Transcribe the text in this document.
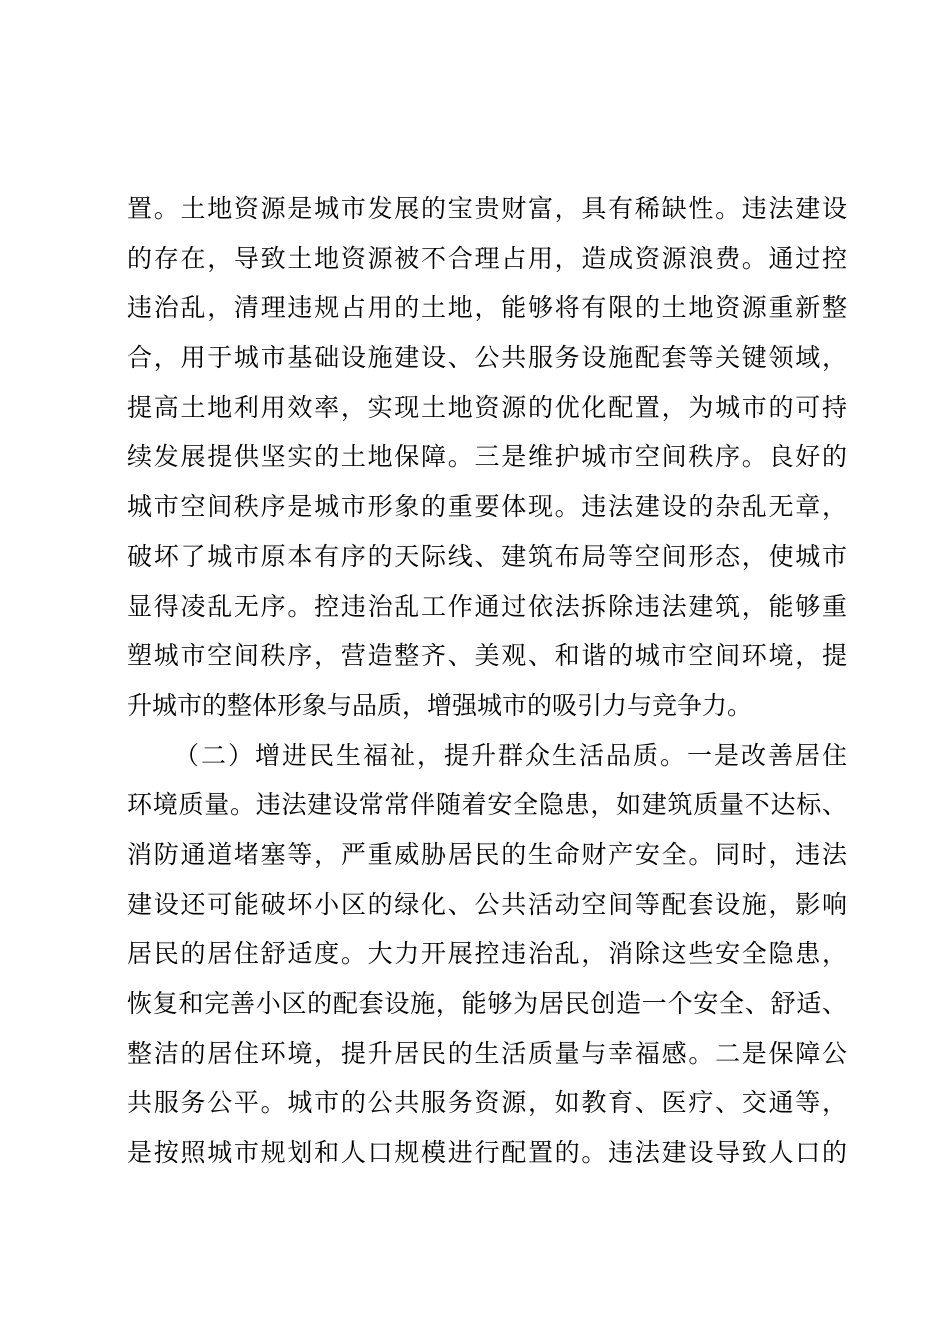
置。土地资源是城市发展的宝贵财富，具有稀缺性。违法建设
的存在，导致土地资源被不合理占用，造成资源浪费。通过控
违治乱，清理违规占用的土地，能够将有限的土地资源重新整
合，用于城市基础设施建设、公共服务设施配套等关键领域，
提高土地利用效率，实现土地资源的优化配置，为城市的可持
续发展提供坚实的土地保障。三是维护城市空间秩序。良好的
城市空间秩序是城市形象的重要体现。违法建设的杂乱无章，
破坏了城市原本有序的天际线、建筑布局等空间形态，使城市
显得凌乱无序。控违治乱工作通过依法拆除违法建筑，能够重
塑城市空间秩序，营造整齐、美观、和谐的城市空间环境，提
升城市的整体形象与品质，增强城市的吸引力与竞争力。
（二）增进民生福祉，提升群众生活品质。一是改善居住
环境质量。违法建设常常伴随着安全隐患，如建筑质量不达标、
消防通道堵塞等，严重威胁居民的生命财产安全。同时，违法
建设还可能破坏小区的绿化、公共活动空间等配套设施，影响
居民的居住舒适度。大力开展控违治乱，消除这些安全隐患，
恢复和完善小区的配套设施，能够为居民创造一个安全、舒适、
整洁的居住环境，提升居民的生活质量与幸福感。二是保障公
共服务公平。城市的公共服务资源，如教育、医疗、交通等，
是按照城市规划和人口规模进行配置的。违法建设导致人口的
